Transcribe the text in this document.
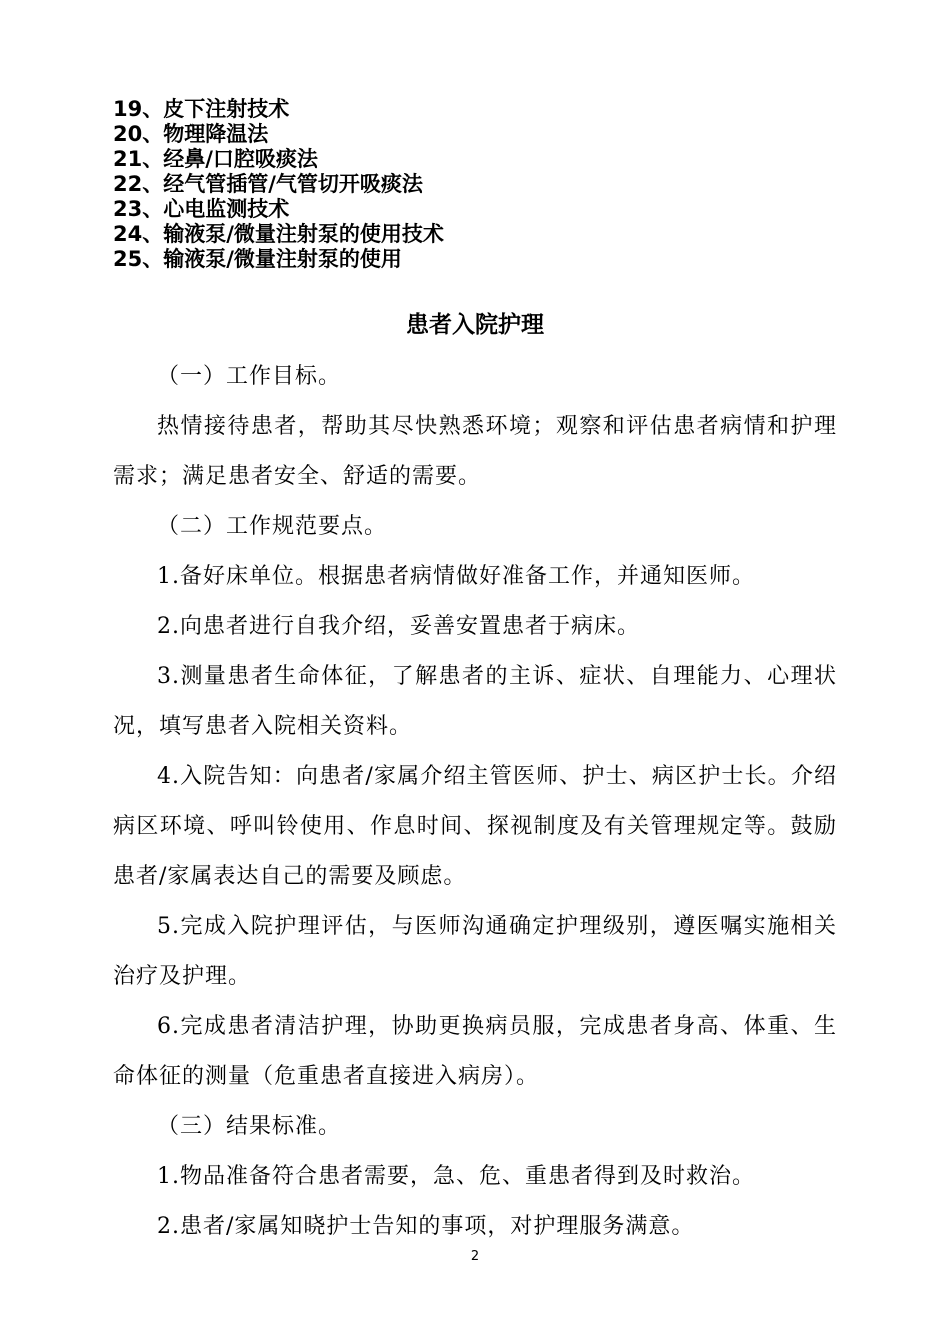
19、皮下注射技术
20、物理降温法
21、经鼻/口腔吸痰法
22、经气管插管/气管切开吸痰法
23、心电监测技术
24、输液泵/微量注射泵的使用技术
25、输液泵/微量注射泵的使用
患者入院护理

（一）工作目标。

热情接待患者，帮助其尽快熟悉环境；观察和评估患者病情和护理需求；满足患者安全、舒适的需要。

（二）工作规范要点。

1.备好床单位。根据患者病情做好准备工作，并通知医师。

2.向患者进行自我介绍，妥善安置患者于病床。

3.测量患者生命体征，了解患者的主诉、症状、自理能力、心理状况，填写患者入院相关资料。

4.入院告知：向患者/家属介绍主管医师、护士、病区护士长。介绍病区环境、呼叫铃使用、作息时间、探视制度及有关管理规定等。鼓励患者/家属表达自己的需要及顾虑。

5.完成入院护理评估，与医师沟通确定护理级别，遵医嘱实施相关治疗及护理。

6.完成患者清洁护理，协助更换病员服，完成患者身高、体重、生命体征的测量（危重患者直接进入病房）。

（三）结果标准。

1.物品准备符合患者需要，急、危、重患者得到及时救治。

2.患者/家属知晓护士告知的事项，对护理服务满意。

2
